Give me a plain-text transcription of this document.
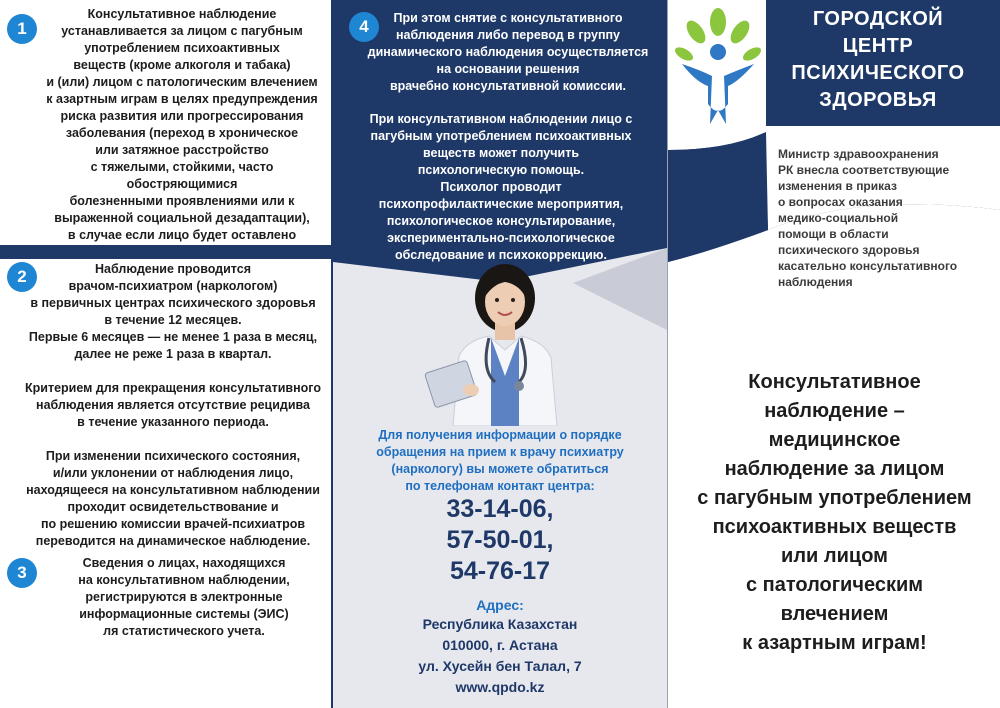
1
Консультативное наблюдение
устанавливается за лицом с пагубным
употреблением психоактивных
веществ (кроме алкоголя и табака)
и (или) лицом с патологическим влечением
к азартным играм в целях предупреждения
риска развития или прогрессирования
заболевания (переход в хроническое
или затяжное расстройство
с тяжелыми, стойкими, часто обостряющимися
болезненными проявлениями или к
выраженной социальной дезадаптации),
в случае если лицо будет оставлено

2	Наблюдение проводится
врачом-психиатром (наркологом)
в первичных центрах психического здоровья
в течение 12 месяцев.
Первые 6 месяцев — не менее 1 раза в месяц,
далее не реже 1 раза в квартал.

Критерием для прекращения консультативного
наблюдения является отсутствие рецидива
в течение указанного периода.

При изменении психического состояния,
и/или уклонении от наблюдения лицо,
находящееся на консультативном наблюдении
проходит освидетельствование и
по решению комиссии врачей-психиатров
переводится на динамическое наблюдение.
3	Сведения о лицах, находящихся
на консультативном наблюдении,
регистрируются в электронные
информационные системы (ЭИС)
ля статистического учета.
4	При этом снятие с консультативного
наблюдения либо перевод в группу
динамического наблюдения осуществляется
на основании решения
врачебно консультативной комиссии.
При консультативном наблюдении лицо с
пагубным употреблением психоактивных
веществ может получить
психологическую помощь.
Психолог проводит
психопрофилактические мероприятия,
психологическое консультирование,
экспериментально-психологическое
обследование и психокоррекцию.
Для получения информации о порядке
обращения на прием к врачу психиатру
(наркологу) вы можете обратиться
по телефонам контакт центра:
33-14-06,
57-50-01,
54-76-17
Адрес:
Республика Казахстан
010000, г. Астана
ул. Хусейн бен Талал, 7
www.qpdo.kz
ГОРОДСКОЙ
ЦЕНТР
ПСИХИЧЕСКОГО
ЗДОРОВЬЯ
Министр здравоохранения
РК внесла соответствующие
изменения в приказ
о вопросах оказания
медико-социальной
помощи в области
психического здоровья
касательно консультативного
наблюдения
Консультативное
наблюдение –
медицинское
наблюдение за лицом
с пагубным употреблением
психоактивных веществ
или лицом
с патологическим
влечением
к азартным играм!
